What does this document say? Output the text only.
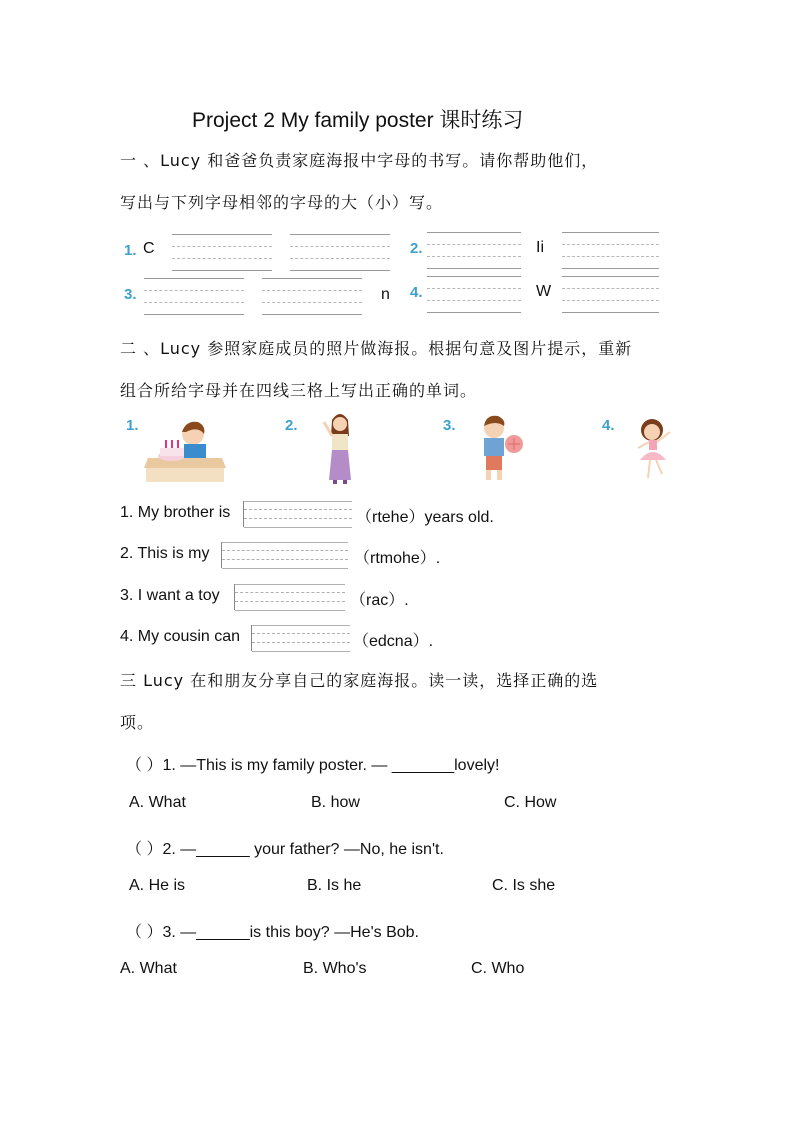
Project 2 My family poster 课时练习
一 、Lucy 和爸爸负责家庭海报中字母的书写。请你帮助他们，
写出与下列字母相邻的字母的大（小）写。
1. C	2.	Ii
3.	n 4.	W
二 、Lucy 参照家庭成员的照片做海报。根据句意及图片提示，重新
组合所给字母并在四线三格上写出正确的单词。
1.	2.	3.	4.
1. My brother is	（rtehe）years old.
2. This is my	（rtmohe）.
3. I want a toy	（rac）.
4. My cousin can	（edcna）.
三 Lucy 在和朋友分享自己的家庭海报。读一读，选择正确的选
项。
（ ）1. —This is my family poster. — _______lovely!
A. What	B. how	C. How
（ ）2. —______ your father? —No, he isn't.
A. He is	B. Is he	C. Is she
（ ）3. —______is this boy? —He's Bob.
A. What	B. Who's	C. Who
